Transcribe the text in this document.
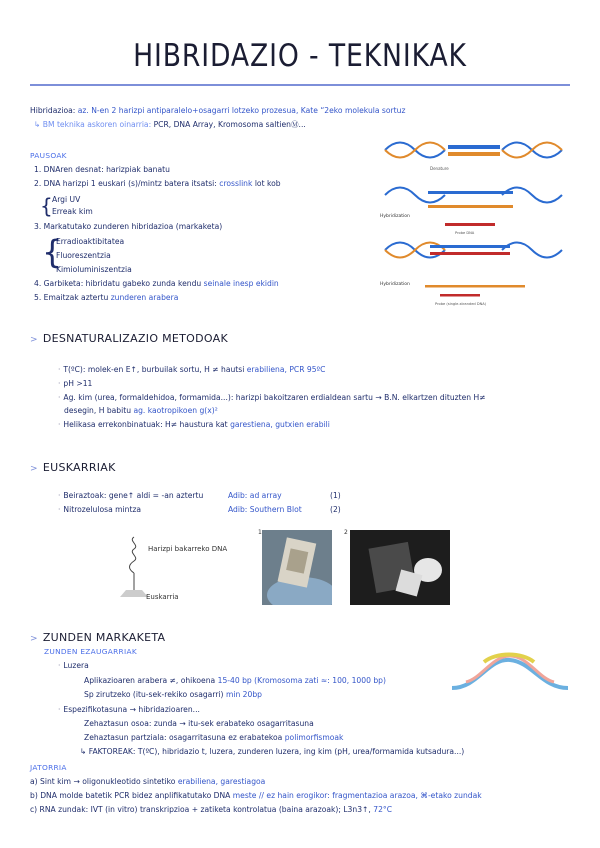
HIBRIDAZIO - TEKNIKAK
Hibridazioa: az. N-en 2 harizpi antiparalelo+osagarri lotzeko prozesua, Kate “2eko molekula sortuz
↳ BM teknika askoren oinarria: PCR, DNA Array, Kromosoma saltienⓂ...
PAUSOAK
1. DNAren desnat: harizpiak banatu
2. DNA harizpi 1 euskari (s)/mintz batera itsatsi: crosslink lot kob
{ Argi UV
Erreak kim
3. Markatutako zunderen hibridazioa (markaketa)
{
Erradioaktibitatea
Fluoreszentzia
Kimioluminiszentzia
4. Garbiketa: hibridatu gabeko zunda kendu seinale inesp ekidin
5. Emaitzak aztertu zunderen arabera
Denature
Hybridization
Probe DNA
Hybridization
Probe (single-stranded DNA)
> DESNATURALIZAZIO METODOAK
· T(ºC): molek-en E↑, burbuilak sortu, H ≠ hautsi erabiliena, PCR 95ºC
· pH >11
· Ag. kim (urea, formaldehidoa, formamida...): harizpi bakoitzaren erdialdean sartu → B.N. elkartzen dituzten H≠
desegin, H babitu ag. kaotropikoen g(x)²
· Helikasa errekonbinatuak: H≠ haustura kat garestiena, gutxien erabili
> EUSKARRIAK
· Beiraztoak: gene↑ aldi = -an aztertu	Adib: ad array	(1)
· Nitrozelulosa mintza	Adib: Southern Blot	(2)
Harizpi bakarreko DNA
Euskarria
1	2
> ZUNDEN MARKAKETA
ZUNDEN EZAUGARRIAK
· Luzera
Aplikazioaren arabera ≠, ohikoena 15-40 bp (Kromosoma zati ≈: 100, 1000 bp)
Sp zirutzeko (itu-sek-rekiko osagarri) min 20bp
· Espezifikotasuna → hibridazioaren...
Zehaztasun osoa: zunda → itu-sek erabateko osagarritasuna
Zehaztasun partziala: osagarritasuna ez erabatekoa polimorfismoak
↳ FAKTOREAK: T(ºC), hibridazio t, luzera, zunderen luzera, ing kim (pH, urea/formamida kutsadura...)
JATORRIA
a) Sint kim → oligonukleotido sintetiko erabiliena, garestiagoa
b) DNA molde batetik PCR bidez anplifikatutako DNA meste // ez hain erogikor: fragmentazioa arazoa, ⌘-etako zundak
c) RNA zundak: IVT (in vitro) transkripzioa + zatiketa kontrolatua (baina arazoak); L3n3↑, 72°C
